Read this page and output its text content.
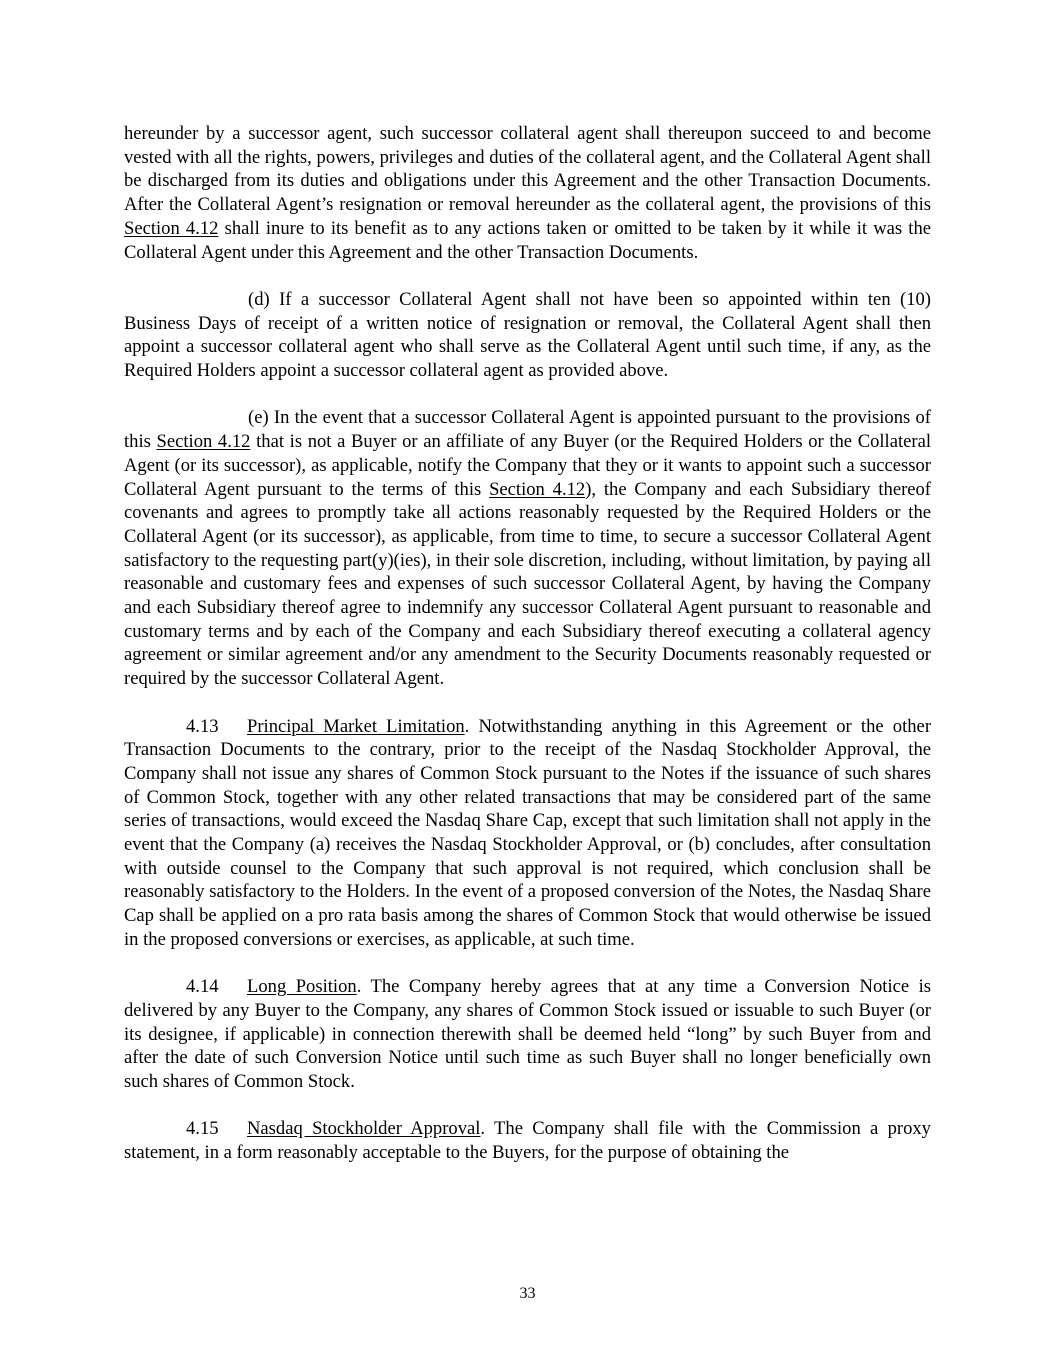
hereunder by a successor agent, such successor collateral agent shall thereupon succeed to and become vested with all the rights, powers, privileges and duties of the collateral agent, and the Collateral Agent shall be discharged from its duties and obligations under this Agreement and the other Transaction Documents. After the Collateral Agent’s resignation or removal hereunder as the collateral agent, the provisions of this Section 4.12 shall inure to its benefit as to any actions taken or omitted to be taken by it while it was the Collateral Agent under this Agreement and the other Transaction Documents.

(d) If a successor Collateral Agent shall not have been so appointed within ten (10) Business Days of receipt of a written notice of resignation or removal, the Collateral Agent shall then appoint a successor collateral agent who shall serve as the Collateral Agent until such time, if any, as the Required Holders appoint a successor collateral agent as provided above.

(e) In the event that a successor Collateral Agent is appointed pursuant to the provisions of this Section 4.12 that is not a Buyer or an affiliate of any Buyer (or the Required Holders or the Collateral Agent (or its successor), as applicable, notify the Company that they or it wants to appoint such a successor Collateral Agent pursuant to the terms of this Section 4.12), the Company and each Subsidiary thereof covenants and agrees to promptly take all actions reasonably requested by the Required Holders or the Collateral Agent (or its successor), as applicable, from time to time, to secure a successor Collateral Agent satisfactory to the requesting part(y)(ies), in their sole discretion, including, without limitation, by paying all reasonable and customary fees and expenses of such successor Collateral Agent, by having the Company and each Subsidiary thereof agree to indemnify any successor Collateral Agent pursuant to reasonable and customary terms and by each of the Company and each Subsidiary thereof executing a collateral agency agreement or similar agreement and/or any amendment to the Security Documents reasonably requested or required by the successor Collateral Agent.

4.13 Principal Market Limitation. Notwithstanding anything in this Agreement or the other Transaction Documents to the contrary, prior to the receipt of the Nasdaq Stockholder Approval, the Company shall not issue any shares of Common Stock pursuant to the Notes if the issuance of such shares of Common Stock, together with any other related transactions that may be considered part of the same series of transactions, would exceed the Nasdaq Share Cap, except that such limitation shall not apply in the event that the Company (a) receives the Nasdaq Stockholder Approval, or (b) concludes, after consultation with outside counsel to the Company that such approval is not required, which conclusion shall be reasonably satisfactory to the Holders. In the event of a proposed conversion of the Notes, the Nasdaq Share Cap shall be applied on a pro rata basis among the shares of Common Stock that would otherwise be issued in the proposed conversions or exercises, as applicable, at such time.

4.14 Long Position. The Company hereby agrees that at any time a Conversion Notice is delivered by any Buyer to the Company, any shares of Common Stock issued or issuable to such Buyer (or its designee, if applicable) in connection therewith shall be deemed held “long” by such Buyer from and after the date of such Conversion Notice until such time as such Buyer shall no longer beneficially own such shares of Common Stock.

4.15 Nasdaq Stockholder Approval. The Company shall file with the Commission a proxy statement, in a form reasonably acceptable to the Buyers, for the purpose of obtaining the

33
